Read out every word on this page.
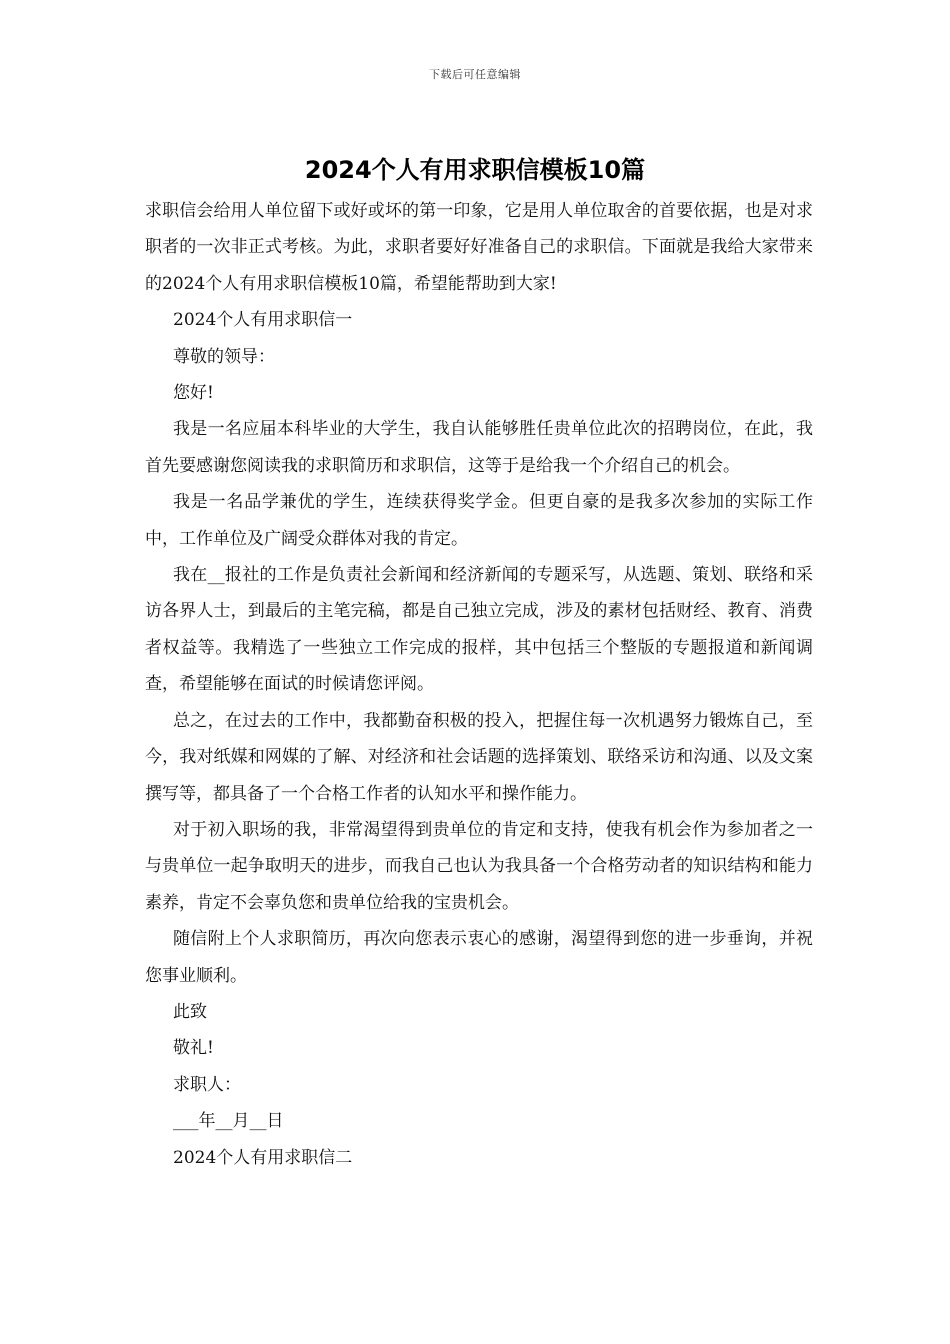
下载后可任意编辑
2024个人有用求职信模板10篇

求职信会给用人单位留下或好或坏的第一印象，它是用人单位取舍的首要依据，也是对求职者的一次非正式考核。为此，求职者要好好准备自己的求职信。下面就是我给大家带来的2024个人有用求职信模板10篇，希望能帮助到大家!

2024个人有用求职信一

尊敬的领导：

您好!

我是一名应届本科毕业的大学生，我自认能够胜任贵单位此次的招聘岗位，在此，我首先要感谢您阅读我的求职简历和求职信，这等于是给我一个介绍自己的机会。

我是一名品学兼优的学生，连续获得奖学金。但更自豪的是我多次参加的实际工作中，工作单位及广阔受众群体对我的肯定。

我在__报社的工作是负责社会新闻和经济新闻的专题采写，从选题、策划、联络和采访各界人士，到最后的主笔完稿，都是自己独立完成，涉及的素材包括财经、教育、消费者权益等。我精选了一些独立工作完成的报样，其中包括三个整版的专题报道和新闻调查，希望能够在面试的时候请您评阅。

总之，在过去的工作中，我都勤奋积极的投入，把握住每一次机遇努力锻炼自己，至今，我对纸媒和网媒的了解、对经济和社会话题的选择策划、联络采访和沟通、以及文案撰写等，都具备了一个合格工作者的认知水平和操作能力。

对于初入职场的我，非常渴望得到贵单位的肯定和支持，使我有机会作为参加者之一与贵单位一起争取明天的进步，而我自己也认为我具备一个合格劳动者的知识结构和能力素养，肯定不会辜负您和贵单位给我的宝贵机会。

随信附上个人求职简历，再次向您表示衷心的感谢，渴望得到您的进一步垂询，并祝您事业顺利。

此致

敬礼!

求职人：

___年__月__日

2024个人有用求职信二
